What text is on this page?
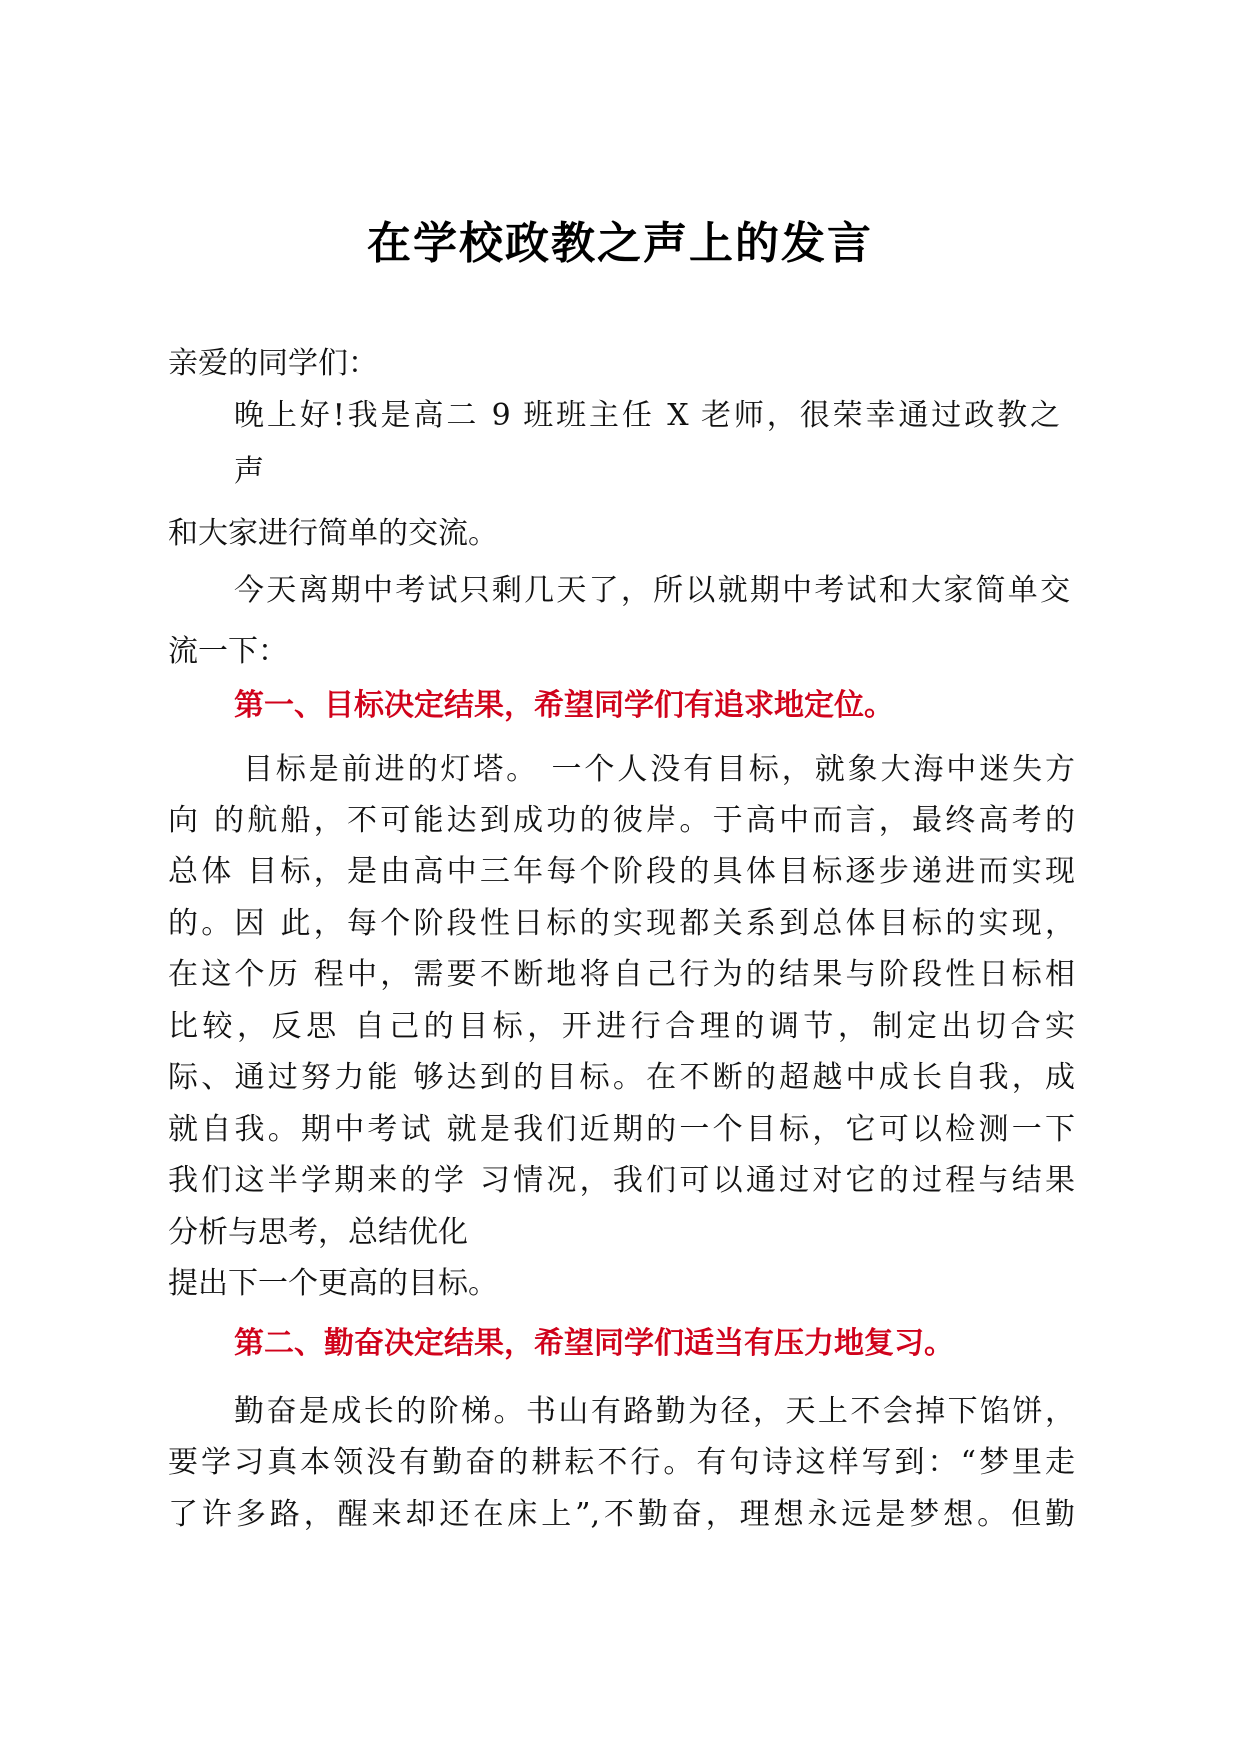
在学校政教之声上的发言

亲爱的同学们：

晚上好!我是高二 9 班班主任 X 老师，很荣幸通过政教之

声

和大家进行简单的交流。

今天离期中考试只剩几天了，所以就期中考试和大家简单交

流一下：

第一、目标决定结果，希望同学们有追求地定位。

目标是前进的灯塔。 一个人没有目标，就象大海中迷失方

向 的航船，不可能达到成功的彼岸。于高中而言，最终高考的

总体 目标，是由高中三年每个阶段的具体目标逐步递进而实现

的。因 此，每个阶段性日标的实现都关系到总体目标的实现，

在这个历 程中，需要不断地将自己行为的结果与阶段性日标相

比较，反思 自己的目标，开进行合理的调节，制定出切合实

际、通过努力能 够达到的目标。在不断的超越中成长自我，成

就自我。期中考试 就是我们近期的一个目标，它可以检测一下

我们这半学期来的学 习情况，我们可以通过对它的过程与结果

分析与思考，总结优化

提出下一个更高的目标。

第二、勤奋决定结果，希望同学们适当有压力地复习。

勤奋是成长的阶梯。书山有路勤为径，天上不会掉下馅饼，

要学习真本领没有勤奋的耕耘不行。有句诗这样写到：“梦里走

了许多路，醒来却还在床上”,不勤奋，理想永远是梦想。但勤
